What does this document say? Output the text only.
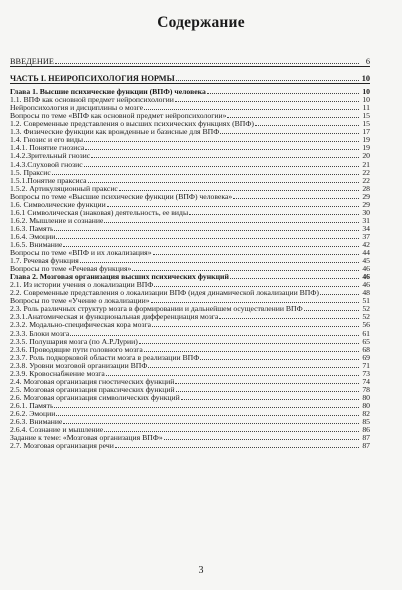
Содержание
ВВЕДЕНИЕ	6
ЧАСТЬ I. НЕЙРОПСИХОЛОГИЯ НОРМЫ	10
Глава 1. Высшие психические функции (ВПФ) человека	10
1.1. ВПФ как основной предмет нейропсихологии	10
Нейропсихология и дисциплины о мозге	11
Вопросы по теме «ВПФ как основной предмет нейропсихологии»	15
1.2. Современные представления о высших психических функциях (ВПФ)	15
1.3. Физические функции как врожденные и базисные для ВПФ	17
1.4. Гнозис и его виды	19
1.4.1. Понятие гнозиса	19
1.4.2.Зрительный гнозис	20
1.4.3.Слуховой гнозис	21
1.5. Праксис	22
1.5.1.Понятие праксиса	22
1.5.2. Артикуляционный праксис	28
Вопросы по теме «Высшие психические функции (ВПФ) человека»	29
1.6. Символические функции	29
1.6.1 Символическая (знаковая) деятельность, ее виды	30
1.6.2. Мышление и сознание	31
1.6.3. Память	34
1.6.4. Эмоции	37
1.6.5. Внимание	42
Вопросы по теме «ВПФ и их локализация»	44
1.7. Речевая функция	45
Вопросы по теме «Речевая функция»	46
Глава 2. Мозговая организация высших психических функций	46
2.1. Из истории учения о локализации ВПФ	46
2.2. Современные представления о локализации ВПФ (идея динамической локализации ВПФ)	48
Вопросы по теме «Учение о локализации»	51
2.3. Роль различных структур мозга в формировании и дальнейшем осуществлении ВПФ	52
2.3.1.Анатомическая и функциональная дифференциация мозга	52
2.3.2. Модально-специфическая кора мозга	56
2.3.3. Блоки мозга	61
2.3.5. Полушария мозга (по А.Р.Лурии)	65
2.3.6. Проводящие пути головного мозга	68
2.3.7. Роль подкорковой области мозга в реализации ВПФ	69
2.3.8. Уровни мозговой организации ВПФ	71
2.3.9. Кровоснабжение мозга	73
2.4. Мозговая организация гностических функций	74
2.5. Мозговая организация праксических функций	78
2.6. Мозговая организация символических функций	80
2.6.1. Память	80
2.6.2. Эмоции	82
2.6.3. Внимание	85
2.6.4. Сознание и мышление	86
Задание к теме: «Мозговая организация ВПФ»	87
2.7. Мозговая организация речи	87
3
